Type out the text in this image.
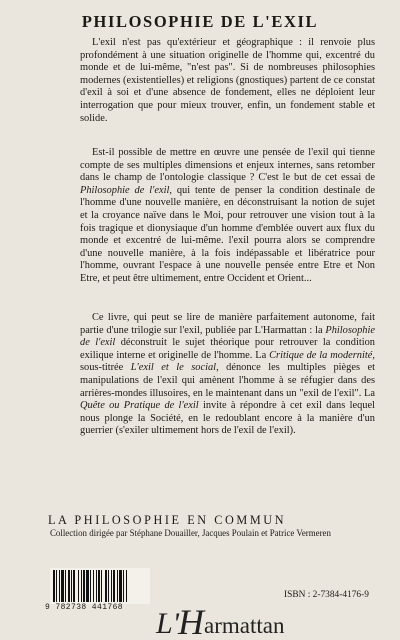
PHILOSOPHIE DE L'EXIL

L'exil n'est pas qu'extérieur et géographique : il renvoie plus profondément à une situation originelle de l'homme qui, excentré du monde et de lui-même, "n'est pas". Si de nombreuses philosophies modernes (existentielles) et religions (gnostiques) partent de ce constat d'exil à soi et d'une absence de fondement, elles ne déploient leur interrogation que pour mieux trouver, enfin, un fondement stable et solide.

Est-il possible de mettre en œuvre une pensée de l'exil qui tienne compte de ses multiples dimensions et enjeux internes, sans retomber dans le champ de l'ontologie classique ? C'est le but de cet essai de Philosophie de l'exil, qui tente de penser la condition destinale de l'homme d'une nouvelle manière, en déconstruisant la notion de sujet et la croyance naïve dans le Moi, pour retrouver une vision tout à la fois tragique et dionysiaque d'un homme d'emblée ouvert aux flux du monde et excentré de lui-même. l'exil pourra alors se comprendre d'une nouvelle manière, à la fois indépassable et libératrice pour l'homme, ouvrant l'espace à une nouvelle pensée entre Etre et Non Etre, et peut être ultimement, entre Occident et Orient...

Ce livre, qui peut se lire de manière parfaitement autonome, fait partie d'une trilogie sur l'exil, publiée par L'Harmattan : la Philosophie de l'exil déconstruit le sujet théorique pour retrouver la condition exilique interne et originelle de l'homme. La Critique de la modernité, sous-titrée L'exil et le social, dénonce les multiples pièges et manipulations de l'exil qui amènent l'homme à se réfugier dans des arrières-mondes illusoires, en le maintenant dans un "exil de l'exil". La Quête ou Pratique de l'exil invite à répondre à cet exil dans lequel nous plonge la Société, en le redoublant encore à la manière d'un guerrier (s'exiler ultimement hors de l'exil de l'exil).

LA PHILOSOPHIE EN COMMUN
Collection dirigée par Stéphane Douailler, Jacques Poulain et Patrice Vermeren
9 782738 441768
ISBN : 2-7384-4176-9
L'
H armattan
